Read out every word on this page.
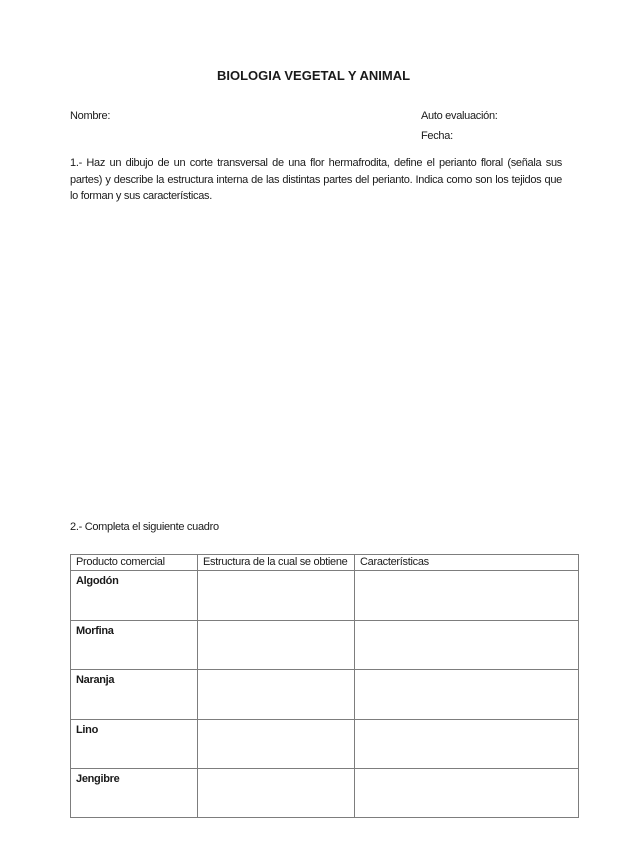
BIOLOGIA VEGETAL Y ANIMAL
Nombre:	Auto evaluación:
Fecha:
1.- Haz un dibujo de un corte transversal de una flor hermafrodita, define el perianto floral (señala sus partes) y describe la estructura interna de las distintas partes del perianto. Indica como son los tejidos que lo forman y sus características.
2.- Completa el siguiente cuadro
Producto comercial	Estructura de la cual se obtiene	Características
Algodón
Morfina
Naranja
Lino
Jengibre
